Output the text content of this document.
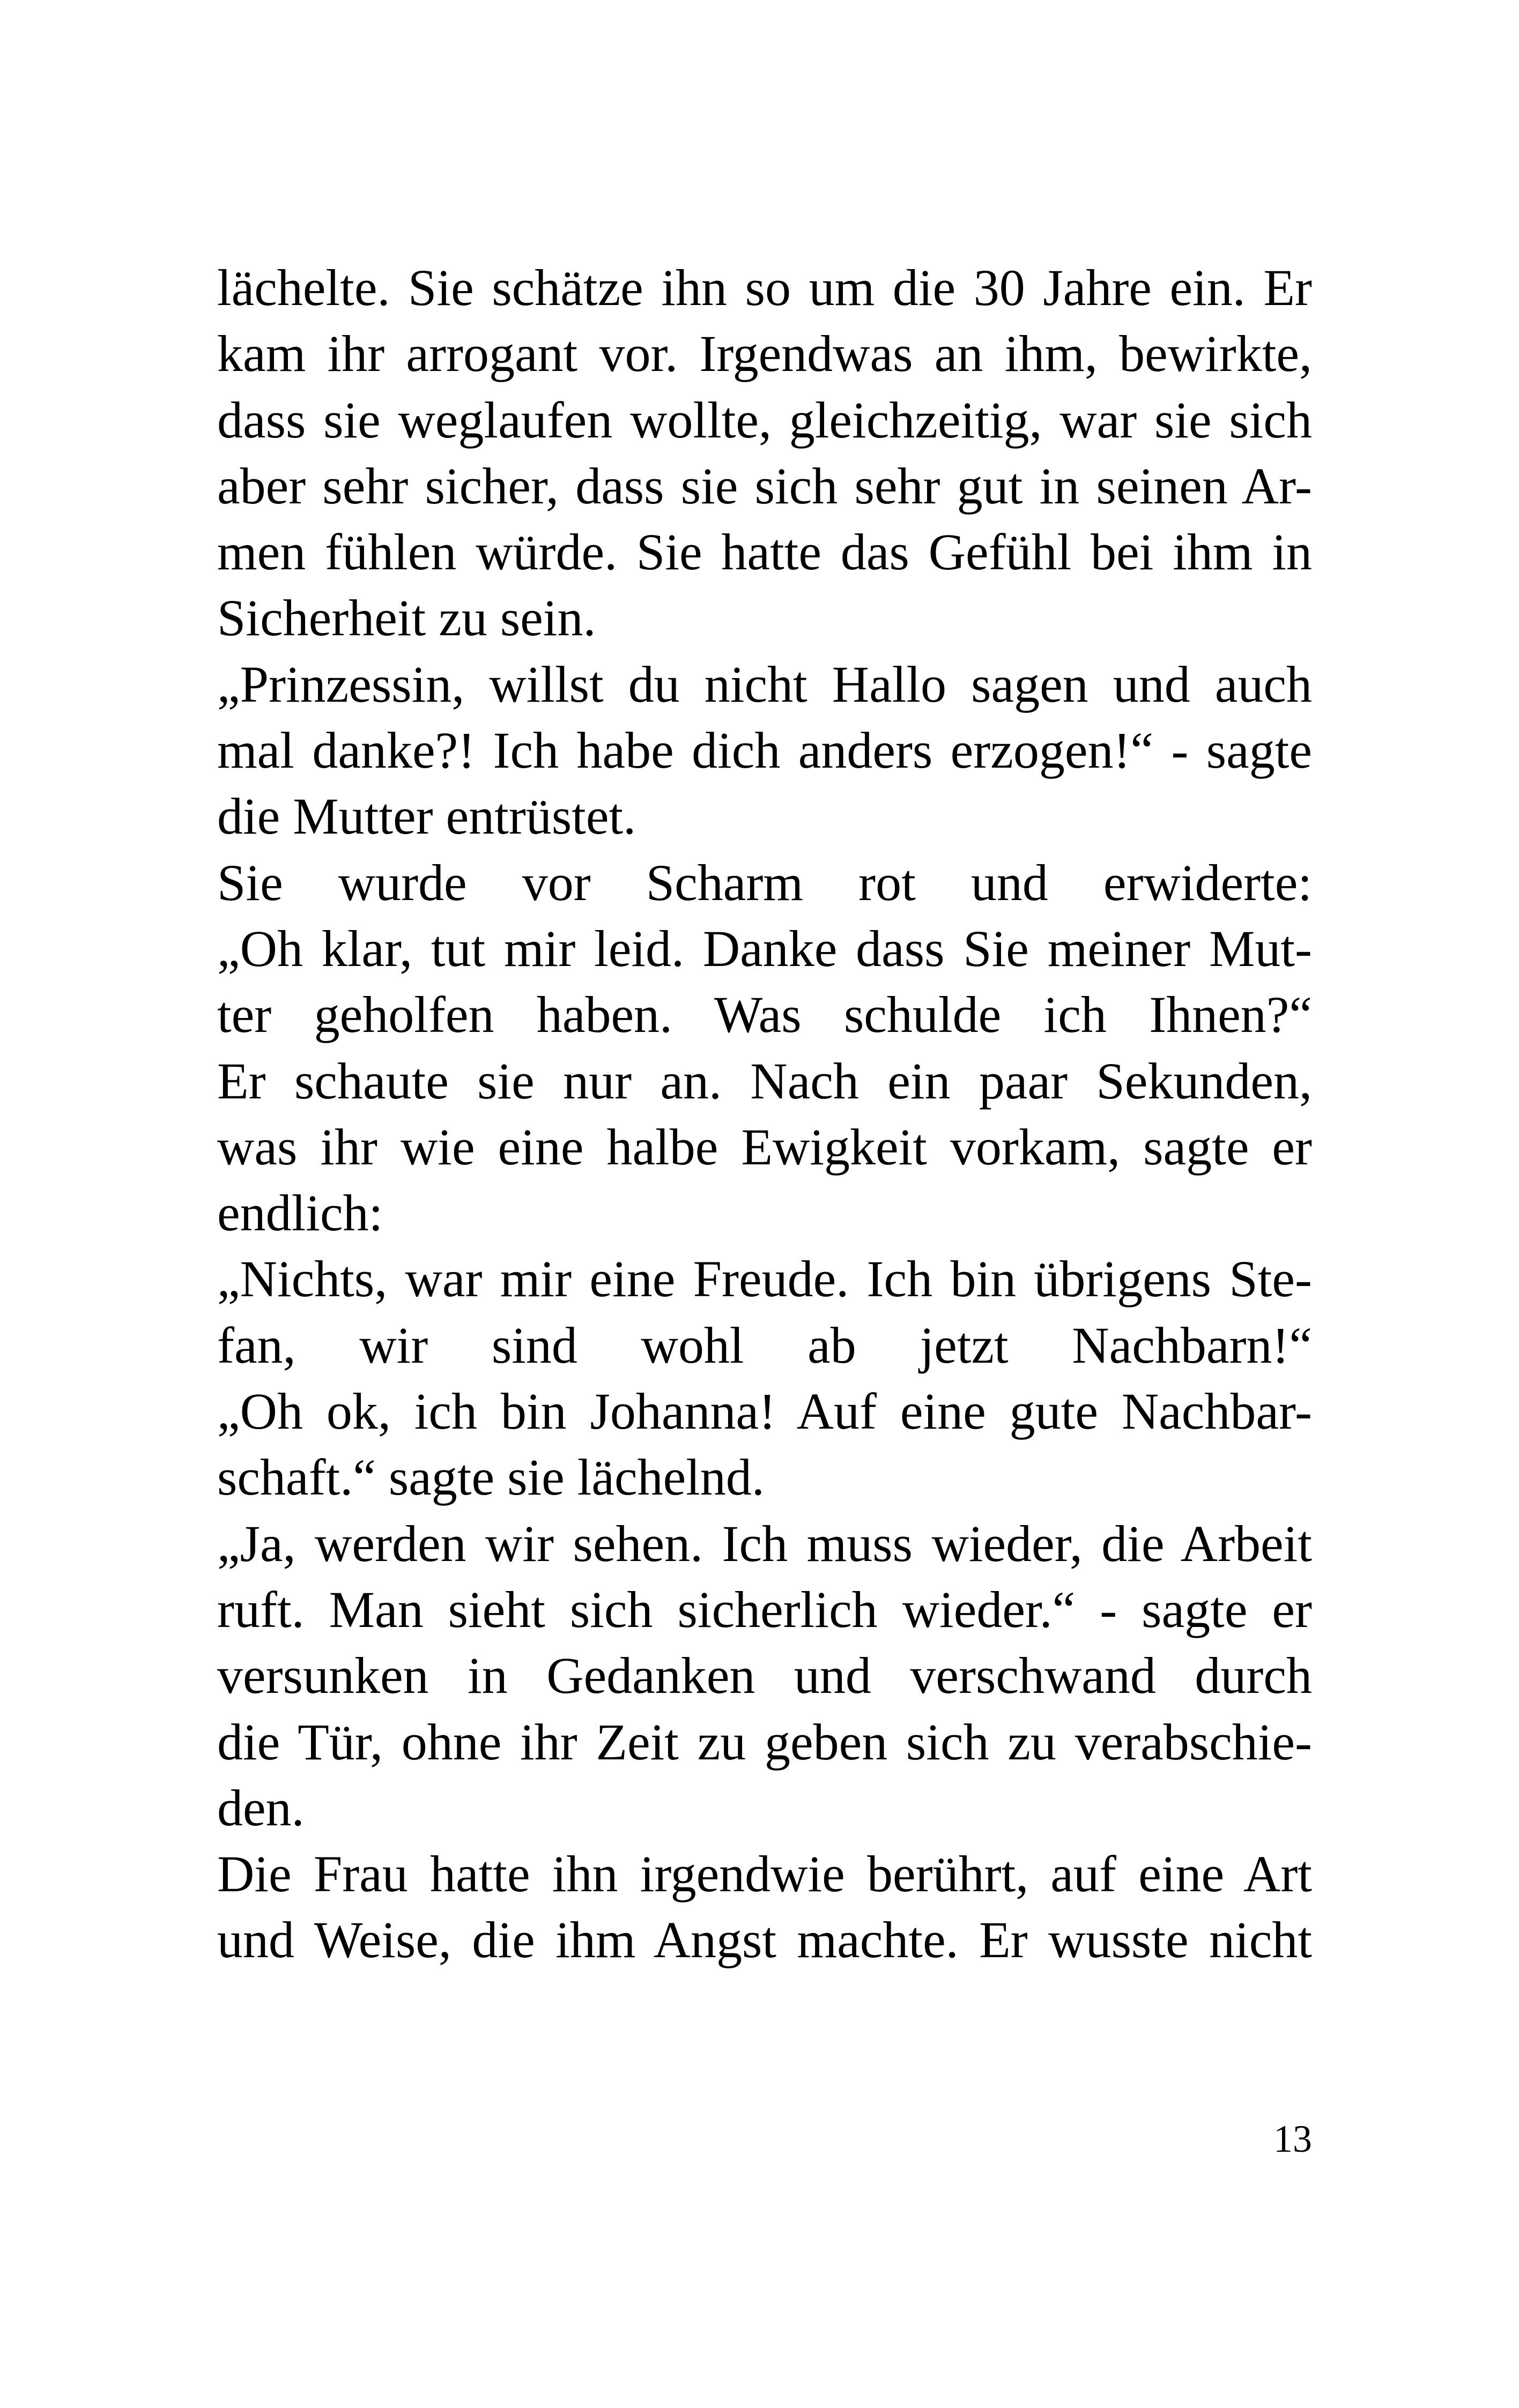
lächelte. Sie schätze ihn so um die 30 Jahre ein. Er
kam ihr arrogant vor. Irgendwas an ihm, bewirkte,
dass sie weglaufen wollte, gleichzeitig, war sie sich
aber sehr sicher, dass sie sich sehr gut in seinen Ar-
men fühlen würde. Sie hatte das Gefühl bei ihm in
Sicherheit zu sein.
„Prinzessin, willst du nicht Hallo sagen und auch
mal danke?! Ich habe dich anders erzogen!“ - sagte
die Mutter entrüstet.
Sie wurde vor Scharm rot und erwiderte:
„Oh klar, tut mir leid. Danke dass Sie meiner Mut-
ter geholfen haben. Was schulde ich Ihnen?“
Er schaute sie nur an. Nach ein paar Sekunden,
was ihr wie eine halbe Ewigkeit vorkam, sagte er
endlich:
„Nichts, war mir eine Freude. Ich bin übrigens Ste-
fan, wir sind wohl ab jetzt Nachbarn!“
„Oh ok, ich bin Johanna! Auf eine gute Nachbar-
schaft.“ sagte sie lächelnd.
„Ja, werden wir sehen. Ich muss wieder, die Arbeit
ruft. Man sieht sich sicherlich wieder.“ - sagte er
versunken in Gedanken und verschwand durch
die Tür, ohne ihr Zeit zu geben sich zu verabschie-
den.
Die Frau hatte ihn irgendwie berührt, auf eine Art
und Weise, die ihm Angst machte. Er wusste nicht
13
